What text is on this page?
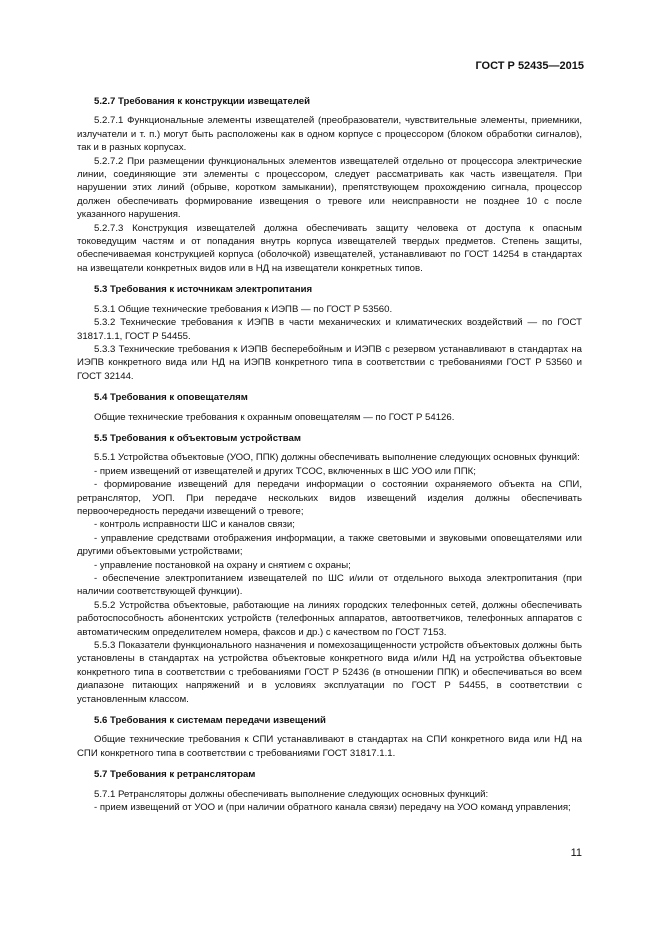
ГОСТ Р 52435—2015
5.2.7 Требования к конструкции извещателей

5.2.7.1 Функциональные элементы извещателей (преобразователи, чувствительные элементы, приемники, излучатели и т. п.) могут быть расположены как в одном корпусе с процессором (блоком обработки сигналов), так и в разных корпусах.

5.2.7.2 При размещении функциональных элементов извещателей отдельно от процессора электрические линии, соединяющие эти элементы с процессором, следует рассматривать как часть извещателя. При нарушении этих линий (обрыве, коротком замыкании), препятствующем прохождению сигнала, процессор должен обеспечивать формирование извещения о тревоге или неисправности не позднее 10 с после указанного нарушения.

5.2.7.3 Конструкция извещателей должна обеспечивать защиту человека от доступа к опасным токоведущим частям и от попадания внутрь корпуса извещателей твердых предметов. Степень защиты, обеспечиваемая конструкцией корпуса (оболочкой) извещателей, устанавливают по ГОСТ 14254 в стандартах на извещатели конкретных видов или в НД на извещатели конкретных типов.

5.3 Требования к источникам электропитания

5.3.1 Общие технические требования к ИЭПВ — по ГОСТ Р 53560.

5.3.2 Технические требования к ИЭПВ в части механических и климатических воздействий — по ГОСТ 31817.1.1, ГОСТ Р 54455.

5.3.3 Технические требования к ИЭПВ бесперебойным и ИЭПВ с резервом устанавливают в стандартах на ИЭПВ конкретного вида или НД на ИЭПВ конкретного типа в соответствии с требованиями ГОСТ Р 53560 и ГОСТ 32144.

5.4 Требования к оповещателям

Общие технические требования к охранным оповещателям — по ГОСТ Р 54126.

5.5 Требования к объектовым устройствам

5.5.1 Устройства объектовые (УОО, ППК) должны обеспечивать выполнение следующих основных функций:

- прием извещений от извещателей и других ТСОС, включенных в ШС УОО или ППК;

- формирование извещений для передачи информации о состоянии охраняемого объекта на СПИ, ретранслятор, УОП. При передаче нескольких видов извещений изделия должны обеспечивать первоочередность передачи извещений о тревоге;

- контроль исправности ШС и каналов связи;

- управление средствами отображения информации, а также световыми и звуковыми оповещателями или другими объектовыми устройствами;

- управление постановкой на охрану и снятием с охраны;

- обеспечение электропитанием извещателей по ШС и/или от отдельного выхода электропитания (при наличии соответствующей функции).

5.5.2 Устройства объектовые, работающие на линиях городских телефонных сетей, должны обеспечивать работоспособность абонентских устройств (телефонных аппаратов, автоответчиков, телефонных аппаратов с автоматическим определителем номера, факсов и др.) с качеством по ГОСТ 7153.

5.5.3 Показатели функционального назначения и помехозащищенности устройств объектовых должны быть установлены в стандартах на устройства объектовые конкретного вида и/или НД на устройства объектовые конкретного типа в соответствии с требованиями ГОСТ Р 52436 (в отношении ППК) и обеспечиваться во всем диапазоне питающих напряжений и в условиях эксплуатации по ГОСТ Р 54455, в соответствии с установленным классом.

5.6 Требования к системам передачи извещений

Общие технические требования к СПИ устанавливают в стандартах на СПИ конкретного вида или НД на СПИ конкретного типа в соответствии с требованиями ГОСТ 31817.1.1.

5.7 Требования к ретрансляторам

5.7.1 Ретрансляторы должны обеспечивать выполнение следующих основных функций:

- прием извещений от УОО и (при наличии обратного канала связи) передачу на УОО команд управления;

11
